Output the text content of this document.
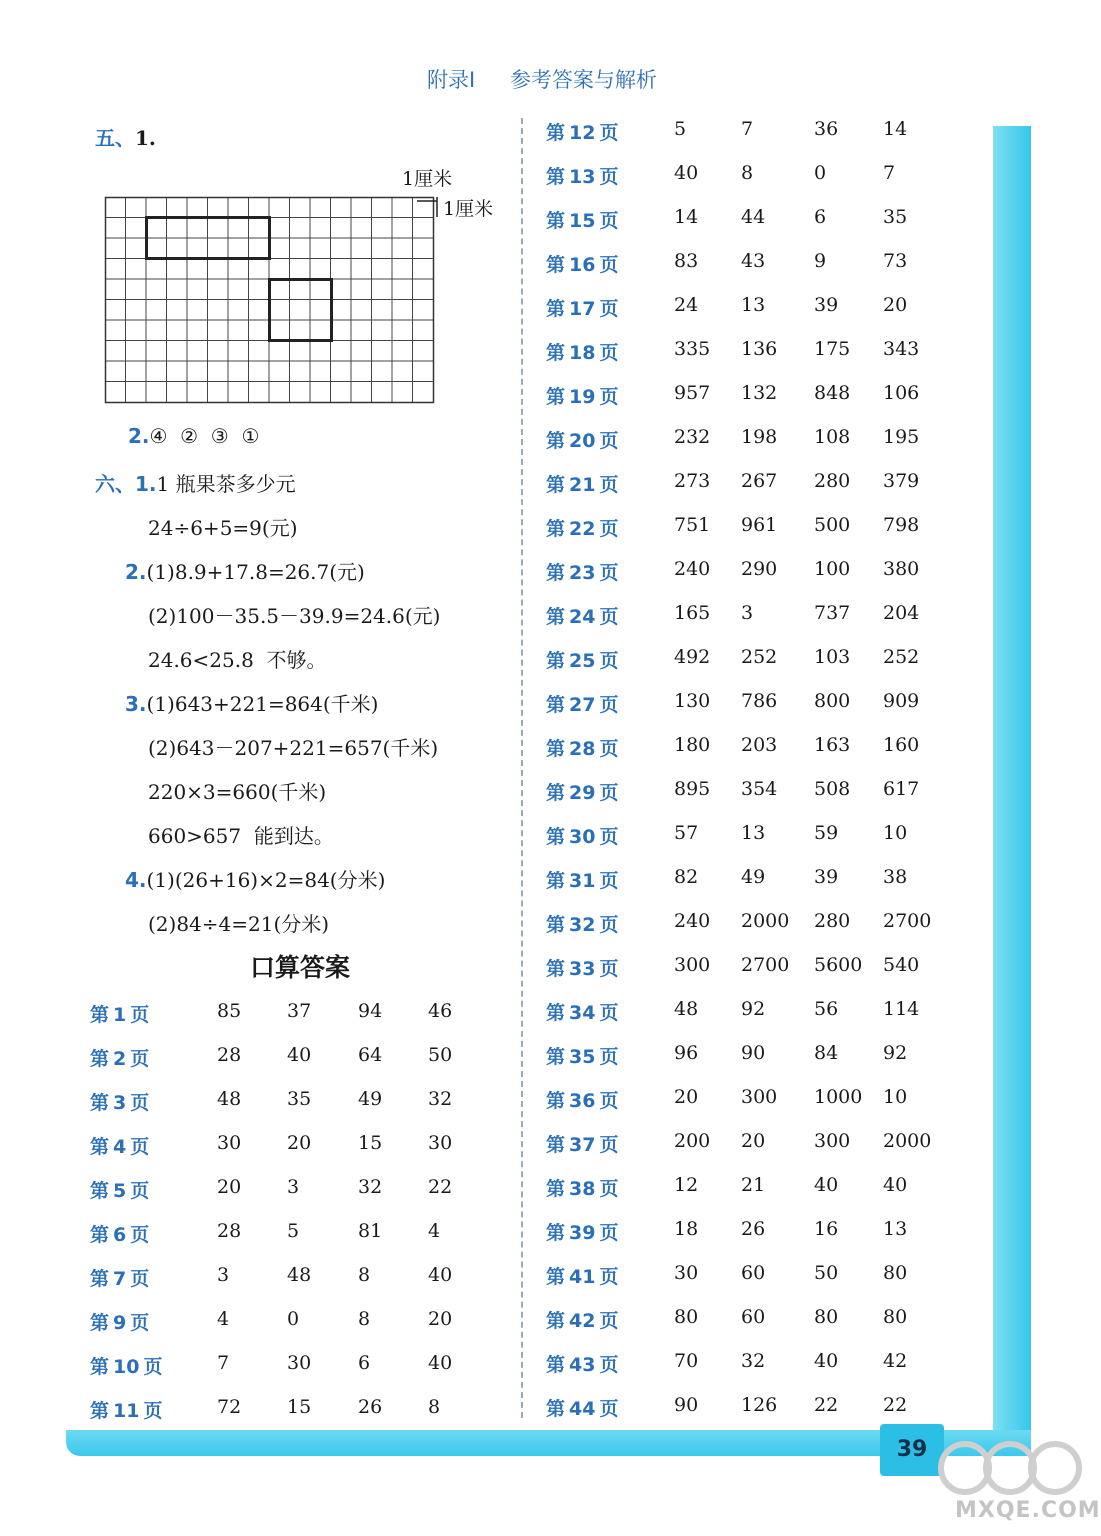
附录Ⅰ 参考答案与解析
五、1.
1厘米
1厘米
2.④  ②  ③  ①
六、1.1 瓶果茶多少元
24÷6+5=9(元)
2.(1)8.9+17.8=26.7(元)
(2)100－35.5－39.9=24.6(元)
24.6<25.8  不够。
3.(1)643+221=864(千米)
(2)643－207+221=657(千米)
220×3=660(千米)
660>657  能到达。
4.(1)(26+16)×2=84(分米)
(2)84÷4=21(分米)
口算答案
第 1 页	85 37 94 46
第 2 页	28 40 64 50
第 3 页	48 35 49 32
第 4 页	30 20 15 30
第 5 页	20 3	32 22
第 6 页	28 5	81 4
第 7 页	3	48 8	40
第 9 页	4	0	8	20
第 10 页	7	30 6	40
第 11 页	72 15 26 8
第 12 页	5	7	36 14
第 13 页	40 8	0	7
第 15 页	14 44	6	35
第 16 页	83 43	9	73
第 17 页	24 13	39 20
第 18 页	335 136 175 343
第 19 页	957 132 848 106
第 20 页	232 198 108 195
第 21 页	273 267 280 379
第 22 页	751 961 500 798
第 23 页	240 290 100 380
第 24 页	165 3	737 204
第 25 页	492 252 103 252
第 27 页	130 786 800 909
第 28 页	180 203 163 160
第 29 页	895 354 508 617
第 30 页	57 13	59 10
第 31 页	82 49	39 38
第 32 页	240 2000 280 2700
第 33 页	300 2700 5600 540
第 34 页	48 92	56 114
第 35 页	96 90	84 92
第 36 页	20 300 1000 10
第 37 页	200 20	300 2000
第 38 页	12 21	40 40
第 39 页	18 26	16 13
第 41 页	30 60	50 80
第 42 页	80 60	80 80
第 43 页	70 32	40 42
第 44 页	90 126 22 22
39
MXQE.COM
